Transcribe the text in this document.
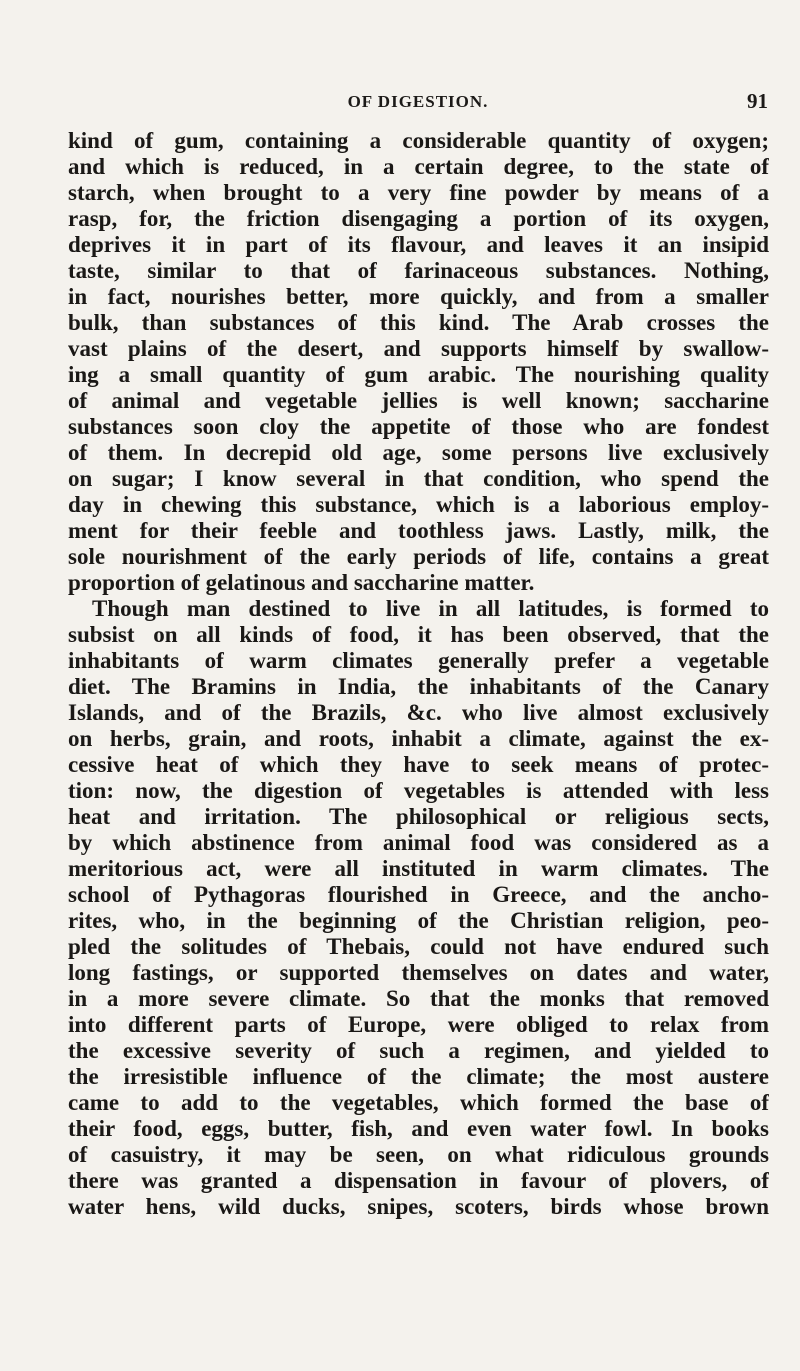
OF DIGESTION.	91
kind of gum, containing a considerable quantity of oxygen;
and which is reduced, in a certain degree, to the state of
starch, when brought to a very fine powder by means of a
rasp, for, the friction disengaging a portion of its oxygen,
deprives it in part of its flavour, and leaves it an insipid
taste, similar to that of farinaceous substances. Nothing,
in fact, nourishes better, more quickly, and from a smaller
bulk, than substances of this kind. The Arab crosses the
vast plains of the desert, and supports himself by swallow-
ing a small quantity of gum arabic. The nourishing quality
of animal and vegetable jellies is well known; saccharine
substances soon cloy the appetite of those who are fondest
of them. In decrepid old age, some persons live exclusively
on sugar; I know several in that condition, who spend the
day in chewing this substance, which is a laborious employ-
ment for their feeble and toothless jaws. Lastly, milk, the
sole nourishment of the early periods of life, contains a great
proportion of gelatinous and saccharine matter.
Though man destined to live in all latitudes, is formed to
subsist on all kinds of food, it has been observed, that the
inhabitants of warm climates generally prefer a vegetable
diet. The Bramins in India, the inhabitants of the Canary
Islands, and of the Brazils, &c. who live almost exclusively
on herbs, grain, and roots, inhabit a climate, against the ex-
cessive heat of which they have to seek means of protec-
tion: now, the digestion of vegetables is attended with less
heat and irritation. The philosophical or religious sects,
by which abstinence from animal food was considered as a
meritorious act, were all instituted in warm climates. The
school of Pythagoras flourished in Greece, and the ancho-
rites, who, in the beginning of the Christian religion, peo-
pled the solitudes of Thebais, could not have endured such
long fastings, or supported themselves on dates and water,
in a more severe climate. So that the monks that removed
into different parts of Europe, were obliged to relax from
the excessive severity of such a regimen, and yielded to
the irresistible influence of the climate; the most austere
came to add to the vegetables, which formed the base of
their food, eggs, butter, fish, and even water fowl. In books
of casuistry, it may be seen, on what ridiculous grounds
there was granted a dispensation in favour of plovers, of
water hens, wild ducks, snipes, scoters, birds whose brown
